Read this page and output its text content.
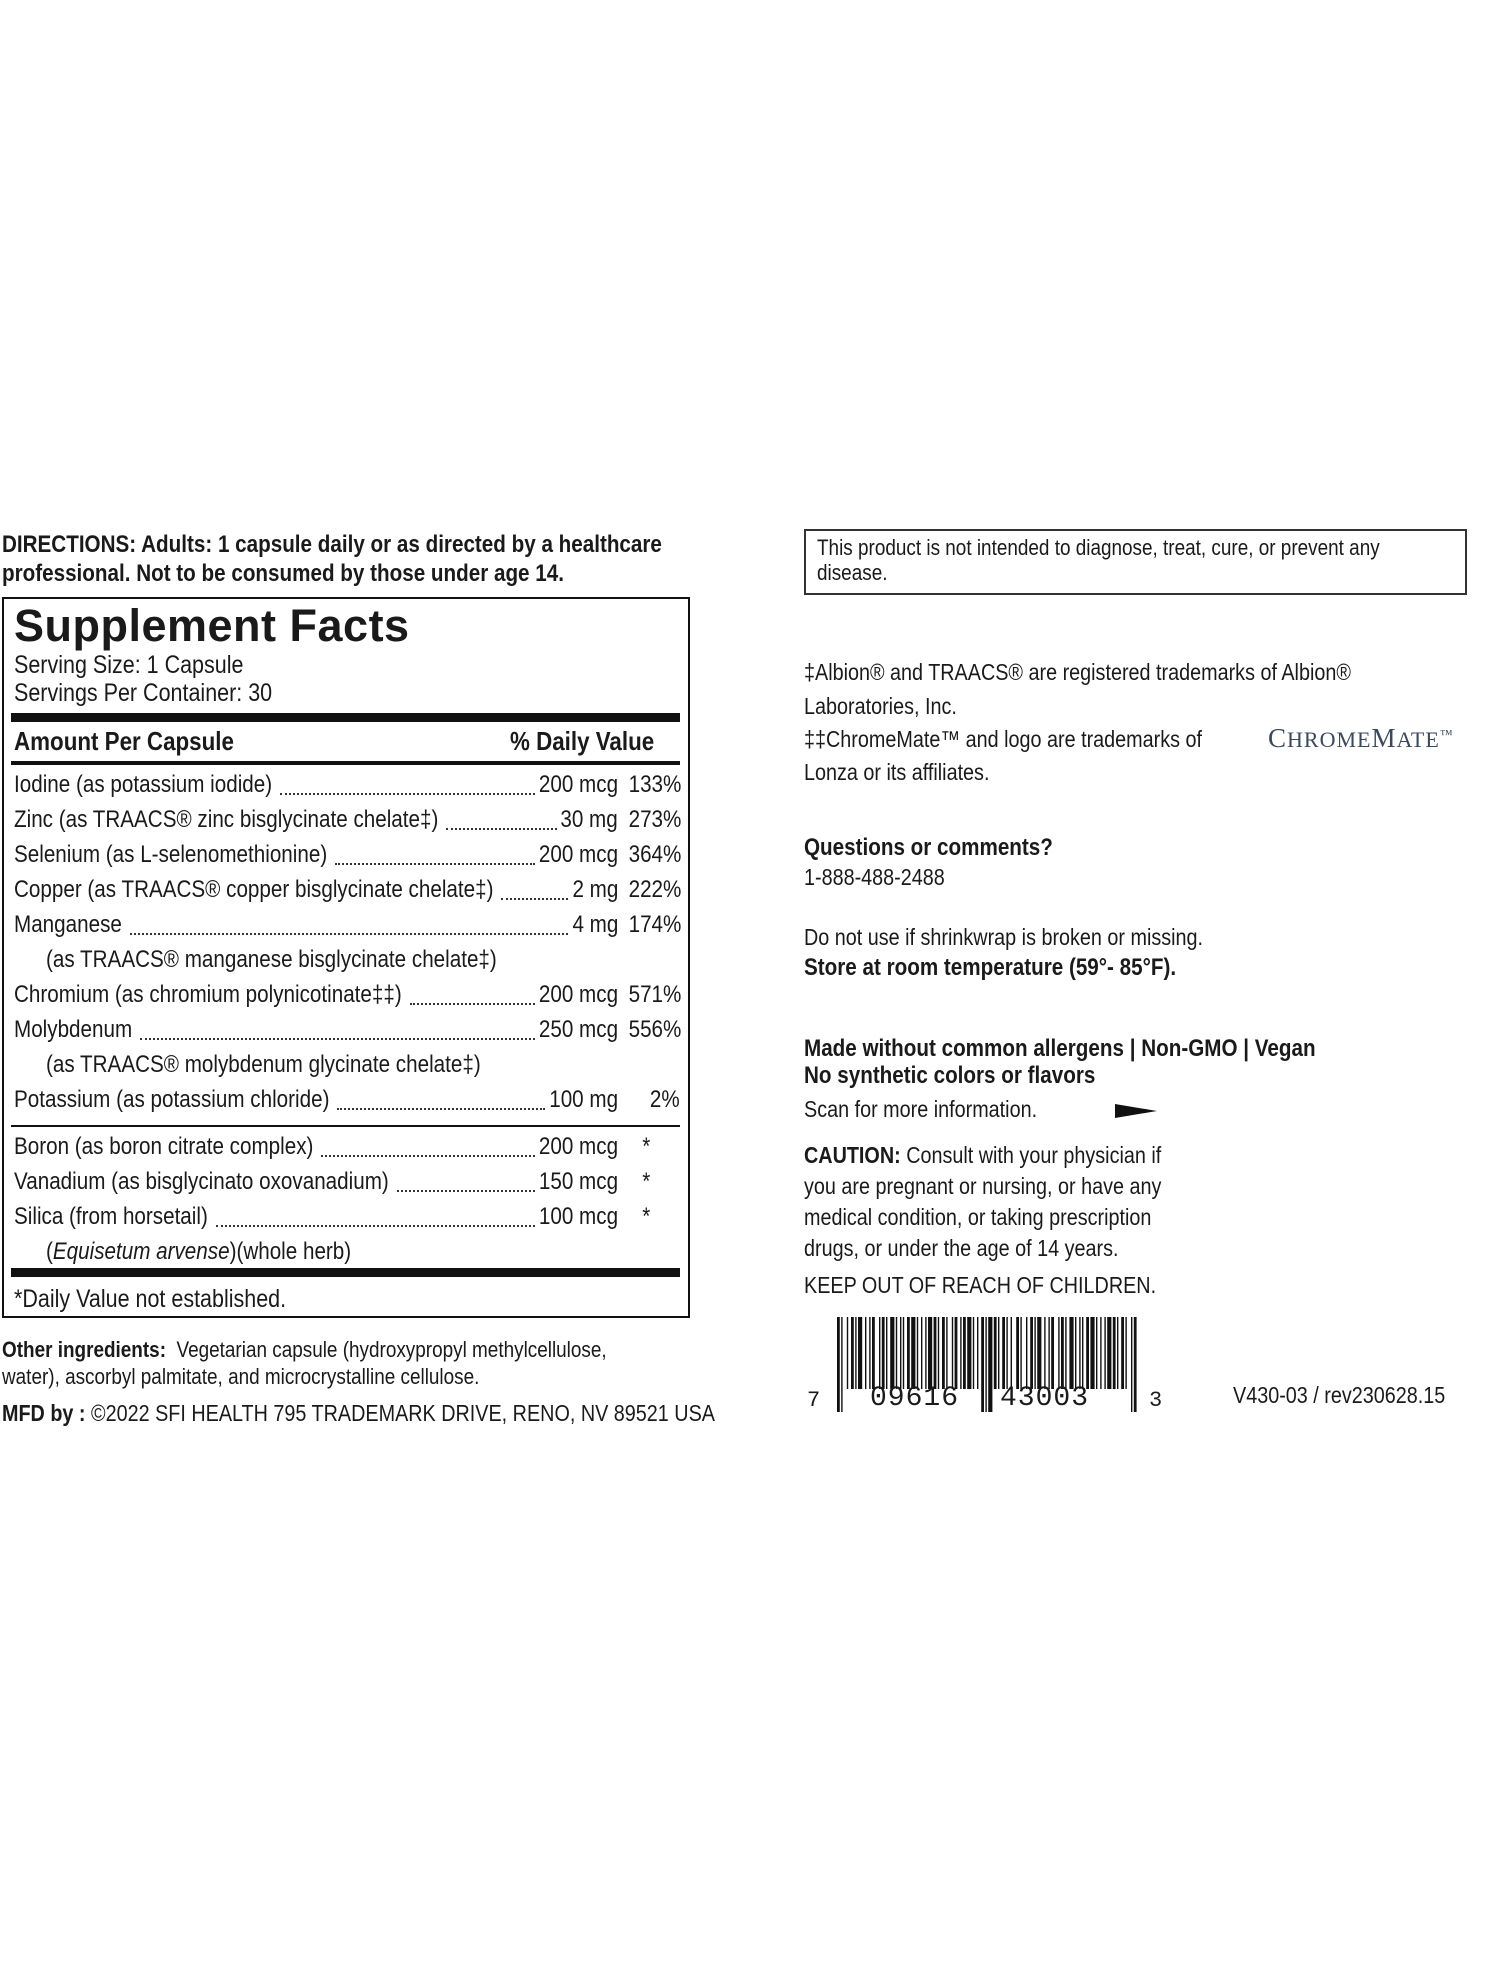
DIRECTIONS: Adults: 1 capsule daily or as directed by a healthcare
professional. Not to be consumed by those under age 14.
Supplement Facts
Serving Size: 1 Capsule
Servings Per Container: 30
Amount Per Capsule	% Daily Value
Iodine (as potassium iodide)	200 mcg 133%
Zinc (as TRAACS® zinc bisglycinate chelate‡)	30 mg 273%
Selenium (as L-selenomethionine)	200 mcg 364%
Copper (as TRAACS® copper bisglycinate chelate‡)	2 mg 222%
Manganese	4 mg 174%
(as TRAACS® manganese bisglycinate chelate‡)
Chromium (as chromium polynicotinate‡‡)	200 mcg 571%
Molybdenum	250 mcg 556%
(as TRAACS® molybdenum glycinate chelate‡)
Potassium (as potassium chloride)	100 mg	2%
Boron (as boron citrate complex)	200 mcg	*
Vanadium (as bisglycinato oxovanadium)	150 mcg	*
Silica (from horsetail)	100 mcg	*
(Equisetum arvense)(whole herb)
*Daily Value not established.
Other ingredients: Vegetarian capsule (hydroxypropyl methylcellulose,
water), ascorbyl palmitate, and microcrystalline cellulose.
MFD by : ©2022 SFI HEALTH 795 TRADEMARK DRIVE, RENO, NV 89521 USA
This product is not intended to diagnose, treat, cure, or prevent any disease.
‡Albion® and TRAACS® are registered trademarks of Albion®
Laboratories, Inc.
‡‡ChromeMate™ and logo are trademarks of	CHROMEMATE™
Lonza or its affiliates.
Questions or comments?
1-888-488-2488
Do not use if shrinkwrap is broken or missing.
Store at room temperature (59°- 85°F).
Made without common allergens | Non-GMO | Vegan
No synthetic colors or flavors
Scan for more information.
CAUTION: Consult with your physician if
you are pregnant or nursing, or have any
medical condition, or taking prescription
drugs, or under the age of 14 years.
KEEP OUT OF REACH OF CHILDREN.
7 09616 43003	3	V430-03 / rev230628.15
